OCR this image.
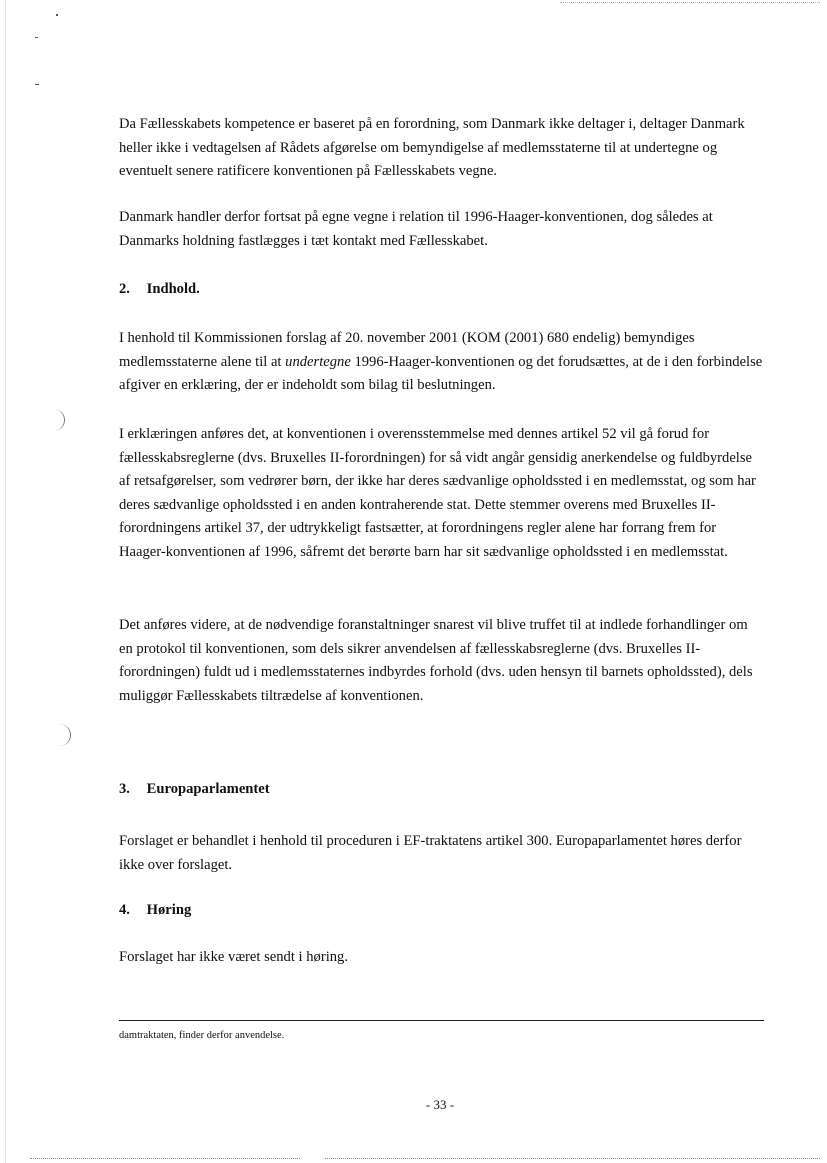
Da Fællesskabets kompetence er baseret på en forordning, som Danmark ikke deltager i, deltager Danmark heller ikke i vedtagelsen af Rådets afgørelse om bemyndigelse af medlemsstaterne til at undertegne og eventuelt senere ratificere konventionen på Fællesskabets vegne.

Danmark handler derfor fortsat på egne vegne i relation til 1996-Haager-konventionen, dog således at Danmarks holdning fastlægges i tæt kontakt med Fællesskabet.

2. Indhold.

I henhold til Kommissionen forslag af 20. november 2001 (KOM (2001) 680 endelig) bemyndiges medlemsstaterne alene til at undertegne 1996-Haager-konventionen og det forudsættes, at de i den forbindelse afgiver en erklæring, der er indeholdt som bilag til beslutningen.

I erklæringen anføres det, at konventionen i overensstemmelse med dennes artikel 52 vil gå forud for fællesskabsreglerne (dvs. Bruxelles II-forordningen) for så vidt angår gensidig anerkendelse og fuldbyrdelse af retsafgørelser, som vedrører børn, der ikke har deres sædvanlige opholdssted i en medlemsstat, og som har deres sædvanlige opholdssted i en anden kontraherende stat. Dette stemmer overens med Bruxelles II-forordningens artikel 37, der udtrykkeligt fastsætter, at forordningens regler alene har forrang frem for Haager-konventionen af 1996, såfremt det berørte barn har sit sædvanlige opholdssted i en medlemsstat.

Det anføres videre, at de nødvendige foranstaltninger snarest vil blive truffet til at indlede forhandlinger om en protokol til konventionen, som dels sikrer anvendelsen af fællesskabsreglerne (dvs. Bruxelles II-forordningen) fuldt ud i medlemsstaternes indbyrdes forhold (dvs. uden hensyn til barnets opholdssted), dels muliggør Fællesskabets tiltrædelse af konventionen.

3. Europaparlamentet

Forslaget er behandlet i henhold til proceduren i EF-traktatens artikel 300. Europaparlamentet høres derfor ikke over forslaget.

4. Høring

Forslaget har ikke været sendt i høring.

damtraktaten, finder derfor anvendelse.

- 33 -
